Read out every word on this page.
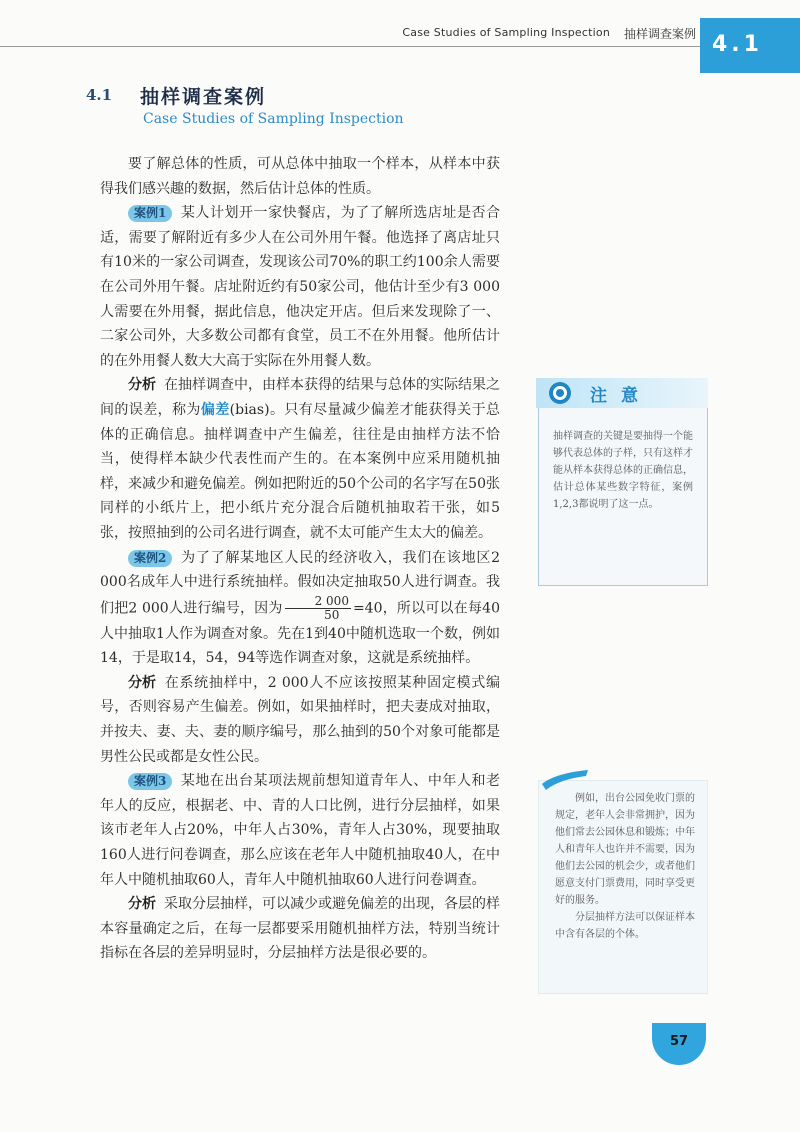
Case Studies of Sampling Inspection 抽样调查案例 4.1
4.1 抽样调查案例
Case Studies of Sampling Inspection

要了解总体的性质，可从总体中抽取一个样本，从样本中获得我们感兴趣的数据，然后估计总体的性质。

案例1 某人计划开一家快餐店，为了了解所选店址是否合适，需要了解附近有多少人在公司外用午餐。他选择了离店址只有10米的一家公司调查，发现该公司70%的职工约100余人需要在公司外用午餐。店址附近约有50家公司，他估计至少有3 000人需要在外用餐，据此信息，他决定开店。但后来发现除了一、二家公司外，大多数公司都有食堂，员工不在外用餐。他所估计的在外用餐人数大大高于实际在外用餐人数。

分析 在抽样调查中，由样本获得的结果与总体的实际结果之间的误差，称为偏差(bias)。只有尽量减少偏差才能获得关于总体的正确信息。抽样调查中产生偏差，往往是由抽样方法不恰当，使得样本缺少代表性而产生的。在本案例中应采用随机抽样，来减少和避免偏差。例如把附近的50个公司的名字写在50张同样的小纸片上，把小纸片充分混合后随机抽取若干张，如5张，按照抽到的公司名进行调查，就不太可能产生太大的偏差。

案例2 为了了解某地区人民的经济收入，我们在该地区2 000名成年人中进行系统抽样。假如决定抽取50人进行调查。我们把2 000人进行编号，因为 $\frac{2 000}{50} =40$，所以可以在每40人中抽取1人作为调查对象。先在1到40中随机选取一个数，例如14，于是取14，54，94等选作调查对象，这就是系统抽样。

分析 在系统抽样中，2 000人不应该按照某种固定模式编号，否则容易产生偏差。例如，如果抽样时，把夫妻成对抽取，并按夫、妻、夫、妻的顺序编号，那么抽到的50个对象可能都是男性公民或都是女性公民。

案例3 某地在出台某项法规前想知道青年人、中年人和老年人的反应，根据老、中、青的人口比例，进行分层抽样，如果该市老年人占20%，中年人占30%，青年人占30%，现要抽取160人进行问卷调查，那么应该在老年人中随机抽取40人，在中年人中随机抽取60人，青年人中随机抽取60人进行问卷调查。

分析 采取分层抽样，可以减少或避免偏差的出现，各层的样本容量确定之后，在每一层都要采用随机抽样方法，特别当统计指标在各层的差异明显时，分层抽样方法是很必要的。

注意
抽样调查的关键是要抽得一个能够代表总体的子样，只有这样才能从样本获得总体的正确信息，估计总体某些数字特征，案例1,2,3都说明了这一点。

例如，出台公园免收门票的规定，老年人会非常拥护，因为他们常去公园休息和锻炼；中年人和青年人也许并不需要，因为他们去公园的机会少，或者他们愿意支付门票费用，同时享受更好的服务。

分层抽样方法可以保证样本中含有各层的个体。

57
